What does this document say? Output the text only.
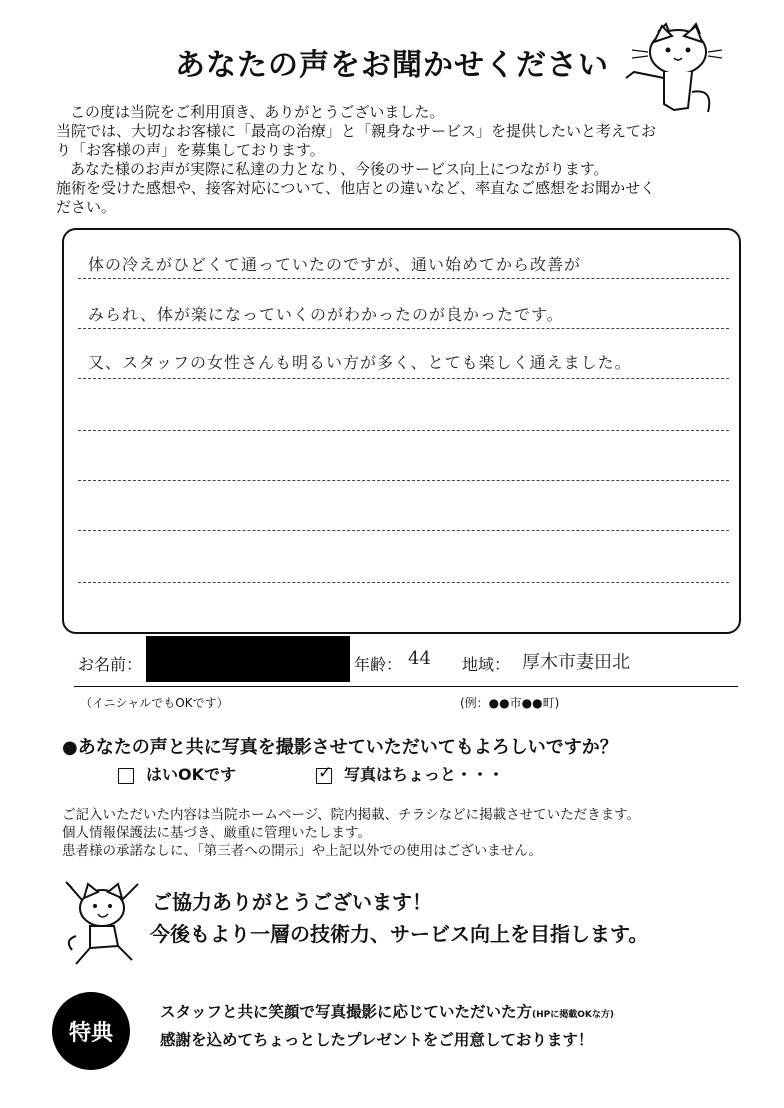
あなたの声をお聞かせください

この度は当院をご利用頂き、ありがとうございました。

当院では、大切なお客様に「最高の治療」と「親身なサービス」を提供したいと考えてお

り「お客様の声」を募集しております。

あなた様のお声が実際に私達の力となり、今後のサービス向上につながります。

施術を受けた感想や、接客対応について、他店との違いなど、率直なご感想をお聞かせく

ださい。

体の冷えがひどくて通っていたのですが、通い始めてから改善が
みられ、体が楽になっていくのがわかったのが良かったです。
又、スタッフの女性さんも明るい方が多く、とても楽しく通えました。
お名前：	年齢： 44 地域： 厚木市妻田北
（イニシャルでもOKです）	(例：●●市●●町)
●あなたの声と共に写真を撮影させていただいてもよろしいですか？
はいOKです
✓	写真はちょっと・・・

ご記入いただいた内容は当院ホームページ、院内掲載、チラシなどに掲載させていただきます。

個人情報保護法に基づき、厳重に管理いたします。

患者様の承諾なしに、「第三者への開示」や上記以外での使用はございません。

ご協力ありがとうございます！

今後もより一層の技術力、サービス向上を目指します。

特典

スタッフと共に笑顔で写真撮影に応じていただいた方(HPに掲載OKな方)

感謝を込めてちょっとしたプレゼントをご用意しております！
